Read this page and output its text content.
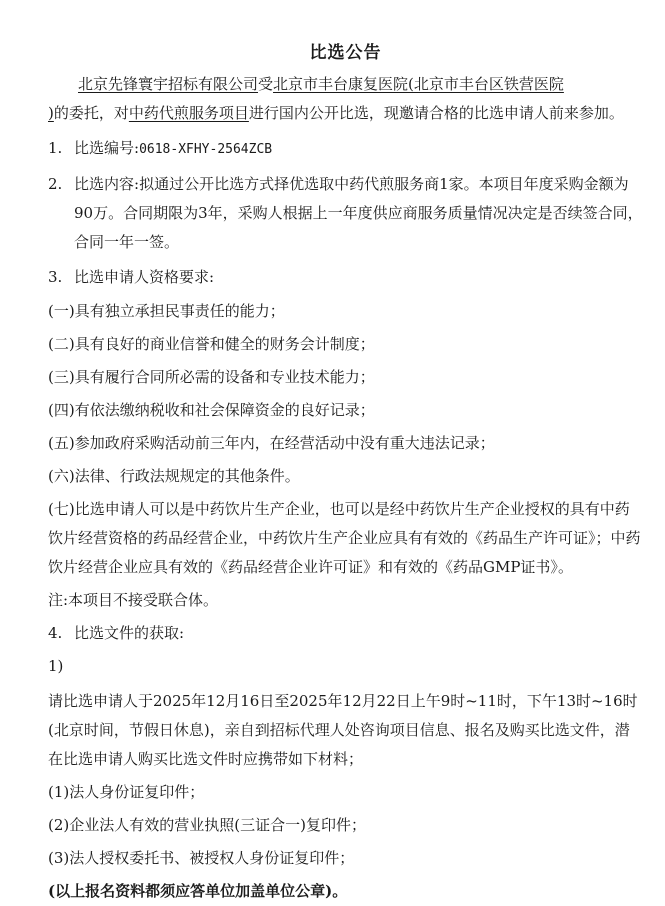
比选公告

北京先锋寰宇招标有限公司受北京市丰台康复医院(北京市丰台区铁营医院
)的委托，对中药代煎服务项目进行国内公开比选，现邀请合格的比选申请人前来参加。

1. 比选编号:0618-XFHY-2564ZCB

2. 比选内容:拟通过公开比选方式择优选取中药代煎服务商1家。本项目年度采购金额为90万。合同期限为3年，采购人根据上一年度供应商服务质量情况决定是否续签合同，合同一年一签。

3. 比选申请人资格要求:

(一)具有独立承担民事责任的能力；

(二)具有良好的商业信誉和健全的财务会计制度；

(三)具有履行合同所必需的设备和专业技术能力；

(四)有依法缴纳税收和社会保障资金的良好记录；

(五)参加政府采购活动前三年内，在经营活动中没有重大违法记录；

(六)法律、行政法规规定的其他条件。

(七)比选申请人可以是中药饮片生产企业，也可以是经中药饮片生产企业授权的具有中药饮片经营资格的药品经营企业，中药饮片生产企业应具有有效的《药品生产许可证》；中药饮片经营企业应具有效的《药品经营企业许可证》和有效的《药品GMP证书》。

注:本项目不接受联合体。

4. 比选文件的获取:

1)

请比选申请人于2025年12月16日至2025年12月22日上午9时~11时，下午13时~16时(北京时间，节假日休息)，亲自到招标代理人处咨询项目信息、报名及购买比选文件，潜在比选申请人购买比选文件时应携带如下材料；

(1)法人身份证复印件；

(2)企业法人有效的营业执照(三证合一)复印件；

(3)法人授权委托书、被授权人身份证复印件；

(以上报名资料都须应答单位加盖单位公章)。
